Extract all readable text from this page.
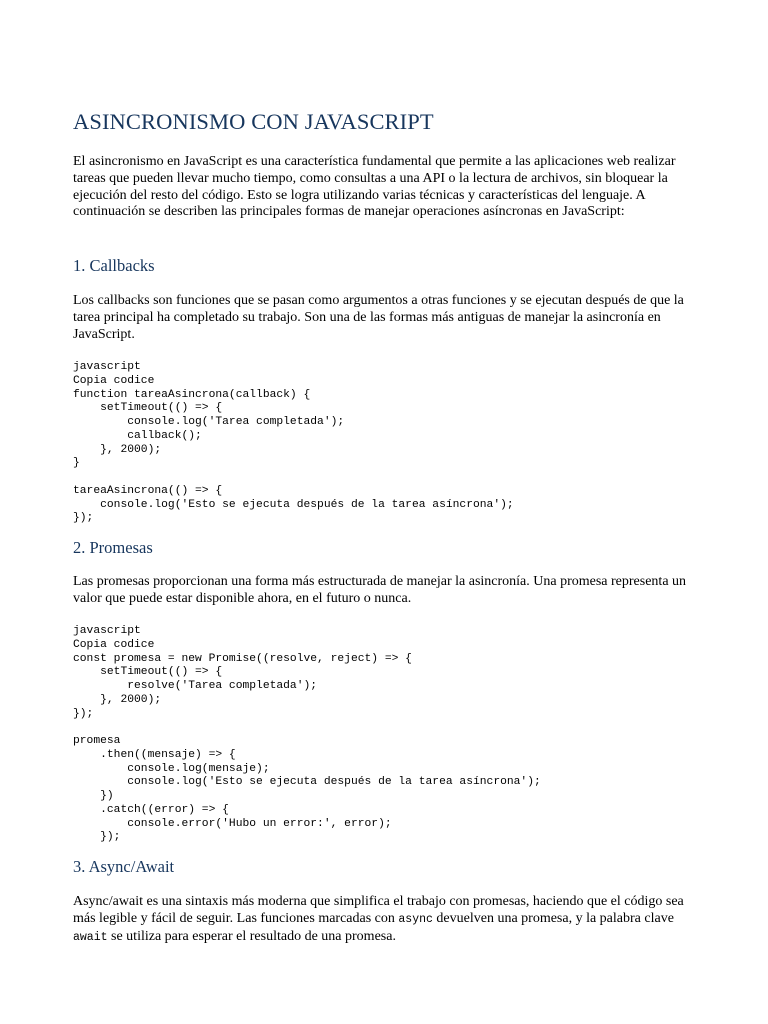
ASINCRONISMO CON JAVASCRIPT

El asincronismo en JavaScript es una característica fundamental que permite a las aplicaciones web realizar tareas que pueden llevar mucho tiempo, como consultas a una API o la lectura de archivos, sin bloquear la ejecución del resto del código. Esto se logra utilizando varias técnicas y características del lenguaje. A continuación se describen las principales formas de manejar operaciones asíncronas en JavaScript:

1. Callbacks

Los callbacks son funciones que se pasan como argumentos a otras funciones y se ejecutan después de que la tarea principal ha completado su trabajo. Son una de las formas más antiguas de manejar la asincronía en JavaScript.

javascript
Copia codice
function tareaAsincrona(callback) {
setTimeout(() => {
console.log('Tarea completada');
callback();
}, 2000);
}

tareaAsincrona(() => {
console.log('Esto se ejecuta después de la tarea asíncrona');
});
2. Promesas

Las promesas proporcionan una forma más estructurada de manejar la asincronía. Una promesa representa un valor que puede estar disponible ahora, en el futuro o nunca.

javascript
Copia codice
const promesa = new Promise((resolve, reject) => {
setTimeout(() => {
resolve('Tarea completada');
}, 2000);
});

promesa
.then((mensaje) => {
console.log(mensaje);
console.log('Esto se ejecuta después de la tarea asíncrona');
})
.catch((error) => {
console.error('Hubo un error:', error);
});
3. Async/Await

Async/await es una sintaxis más moderna que simplifica el trabajo con promesas, haciendo que el código sea más legible y fácil de seguir. Las funciones marcadas con async devuelven una promesa, y la palabra clave await se utiliza para esperar el resultado de una promesa.
